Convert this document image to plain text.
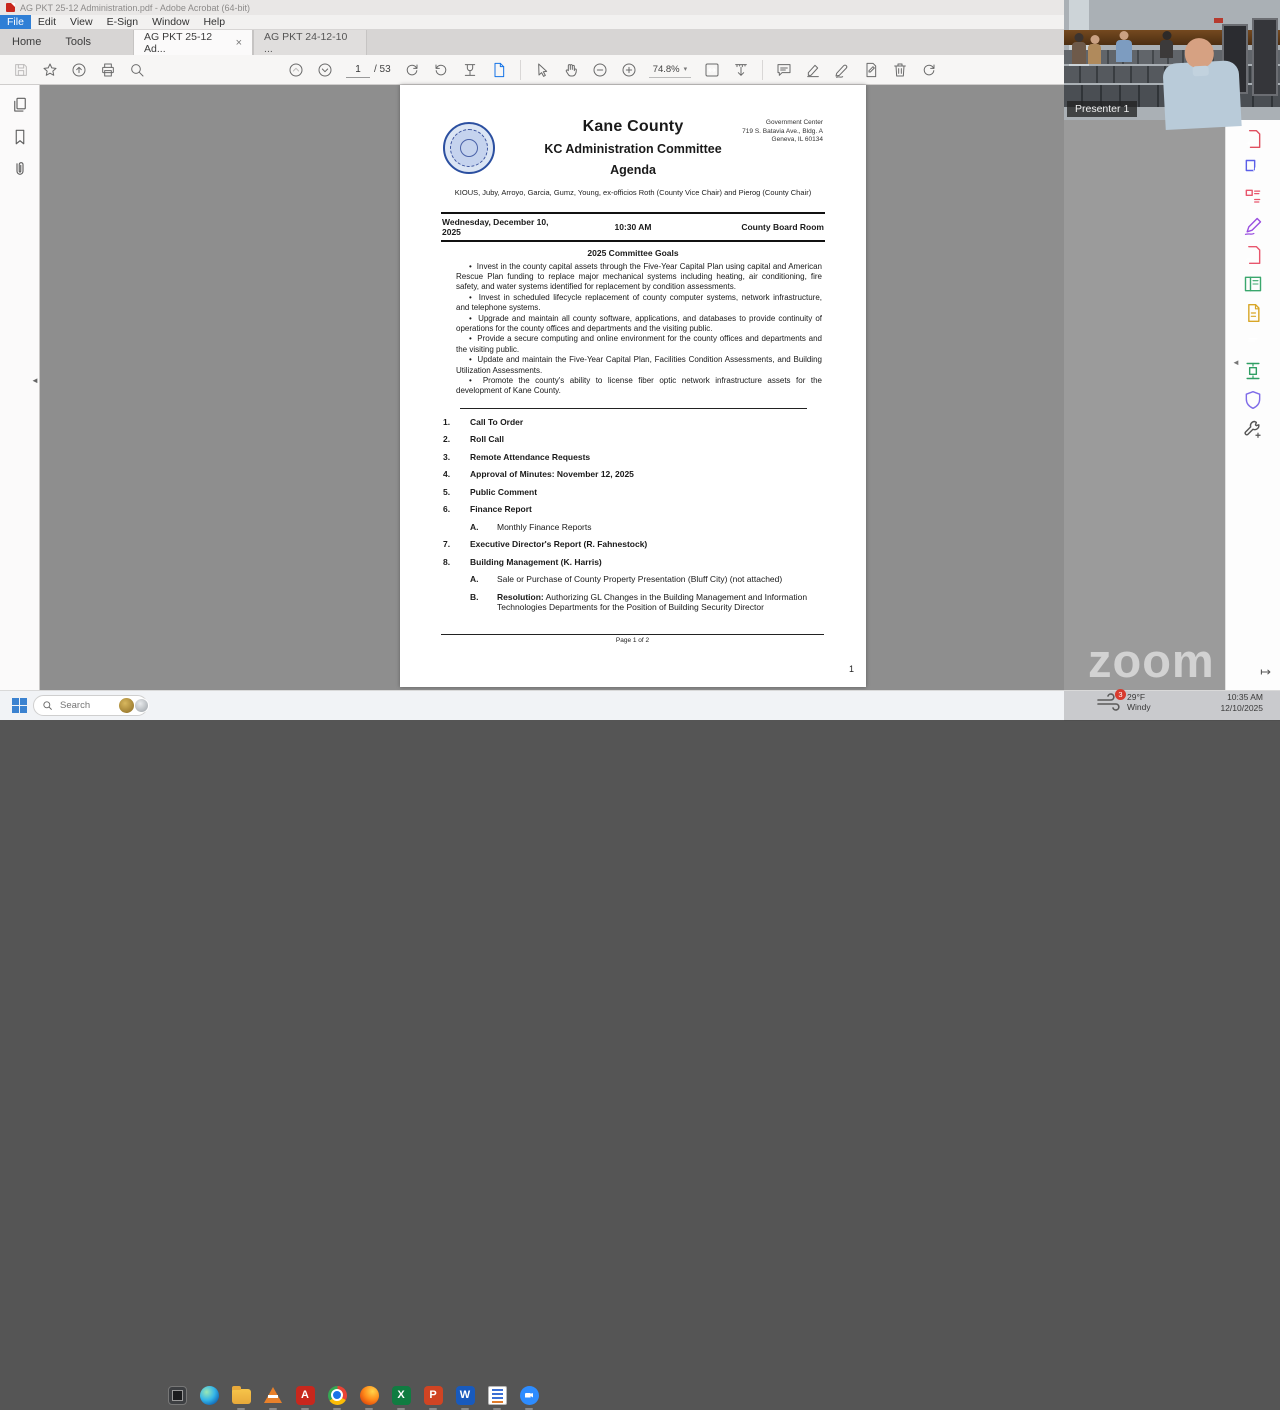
AG PKT 25-12 Administration.pdf - Adobe Acrobat (64-bit)
File	Edit	View	E-Sign	Window	Help
Home	Tools	AG PKT 25-12 Ad...	× AG PKT 24-12-10 ...
1
/ 53	74.8% ▾
◄
Government Center
719 S. Batavia Ave., Bldg. A
Geneva, IL 60134
Kane County
KC Administration Committee
Agenda
KIOUS, Juby, Arroyo, Garcia, Gumz, Young, ex-officios Roth (County Vice Chair) and Pierog (County Chair)
Wednesday, December 10, 2025	10:30 AM	County Board Room
2025 Committee Goals

•  Invest in the county capital assets through the Five-Year Capital Plan using capital and American Rescue Plan funding to replace major mechanical systems including heating, air conditioning, fire safety, and water systems identified for replacement by condition assessments.

•  Invest in scheduled lifecycle replacement of county computer systems, network infrastructure, and telephone systems.

•  Upgrade and maintain all county software, applications, and databases to provide continuity of operations for the county offices and departments and the visiting public.

•  Provide a secure computing and online environment for the county offices and departments and the visiting public.

•  Update and maintain the Five-Year Capital Plan, Facilities Condition Assessments, and Building Utilization Assessments.

•  Promote the county's ability to license fiber optic network infrastructure assets for the development of Kane County.

1.	Call To Order
2.	Roll Call
3.	Remote Attendance Requests
4.	Approval of Minutes: November 12, 2025
5.	Public Comment
6.	Finance Report
A.	Monthly Finance Reports
7.	Executive Director's Report (R. Fahnestock)
8.	Building Management (K. Harris)
A.	Sale or Purchase of County Property Presentation (Bluff City) (not attached)
B.	Resolution: Authorizing GL Changes in the Building Management and Information Technologies Departments for the Position of Building Security Director
Page 1 of 2
1
Presenter 1
zoom
◄
↦
Search
A	X	P	W
3 29°F
Windy
10:35 AM
12/10/2025
